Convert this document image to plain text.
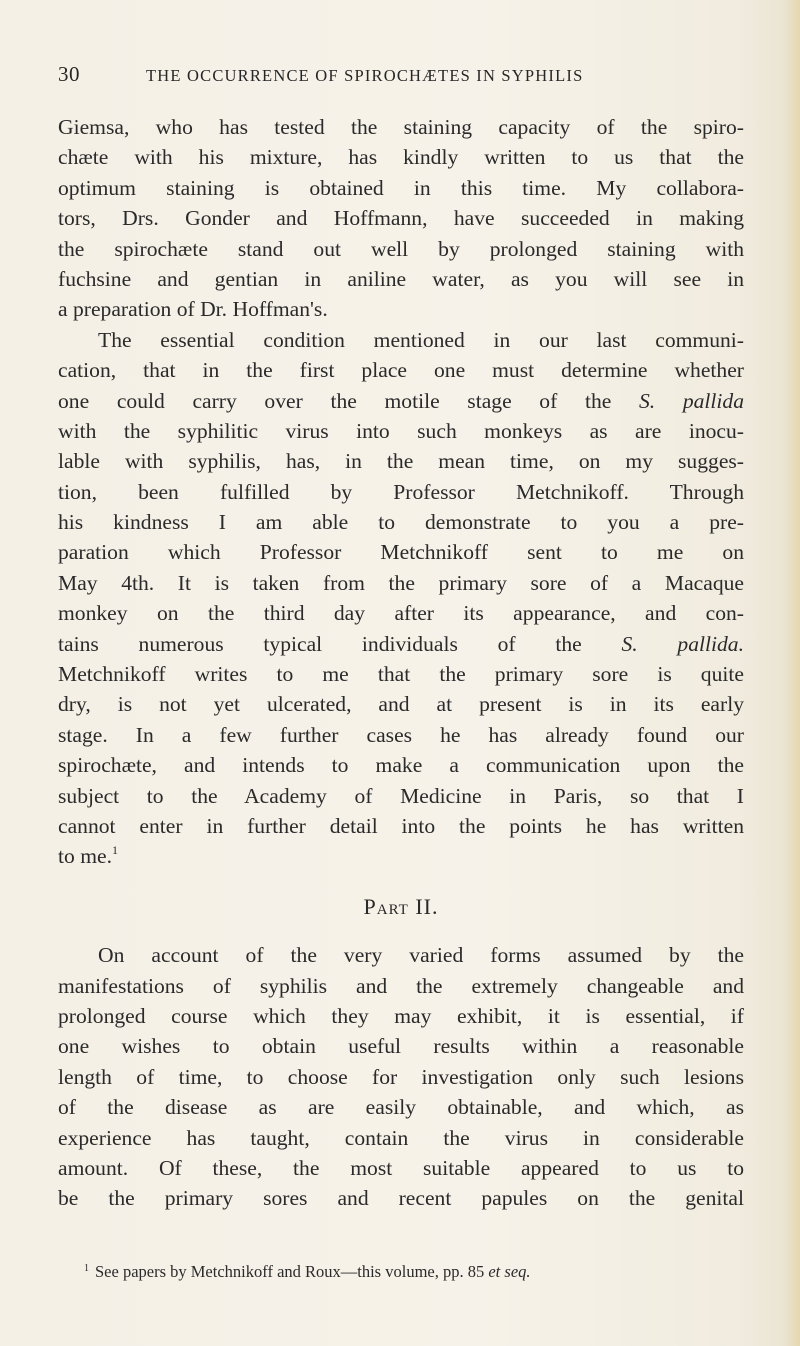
30	THE OCCURRENCE OF SPIROCHÆTES IN SYPHILIS
Giemsa, who has tested the staining capacity of the spiro-
chæte with his mixture, has kindly written to us that the
optimum staining is obtained in this time. My collabora-
tors, Drs. Gonder and Hoffmann, have succeeded in making
the spirochæte stand out well by prolonged staining with
fuchsine and gentian in aniline water, as you will see in
a preparation of Dr. Hoffman's.
The essential condition mentioned in our last communi-
cation, that in the first place one must determine whether
one could carry over the motile stage of the S. pallida
with the syphilitic virus into such monkeys as are inocu-
lable with syphilis, has, in the mean time, on my sugges-
tion, been fulfilled by Professor Metchnikoff. Through
his kindness I am able to demonstrate to you a pre-
paration which Professor Metchnikoff sent to me on
May 4th. It is taken from the primary sore of a Macaque
monkey on the third day after its appearance, and con-
tains numerous typical individuals of the S. pallida.
Metchnikoff writes to me that the primary sore is quite
dry, is not yet ulcerated, and at present is in its early
stage. In a few further cases he has already found our
spirochæte, and intends to make a communication upon the
subject to the Academy of Medicine in Paris, so that I
cannot enter in further detail into the points he has written
to me.$^1$
Part II.
On account of the very varied forms assumed by the
manifestations of syphilis and the extremely changeable and
prolonged course which they may exhibit, it is essential, if
one wishes to obtain useful results within a reasonable
length of time, to choose for investigation only such lesions
of the disease as are easily obtainable, and which, as
experience has taught, contain the virus in considerable
amount. Of these, the most suitable appeared to us to
be the primary sores and recent papules on the genital
$^1$ See papers by Metchnikoff and Roux—this volume, pp. 85 et seq.
